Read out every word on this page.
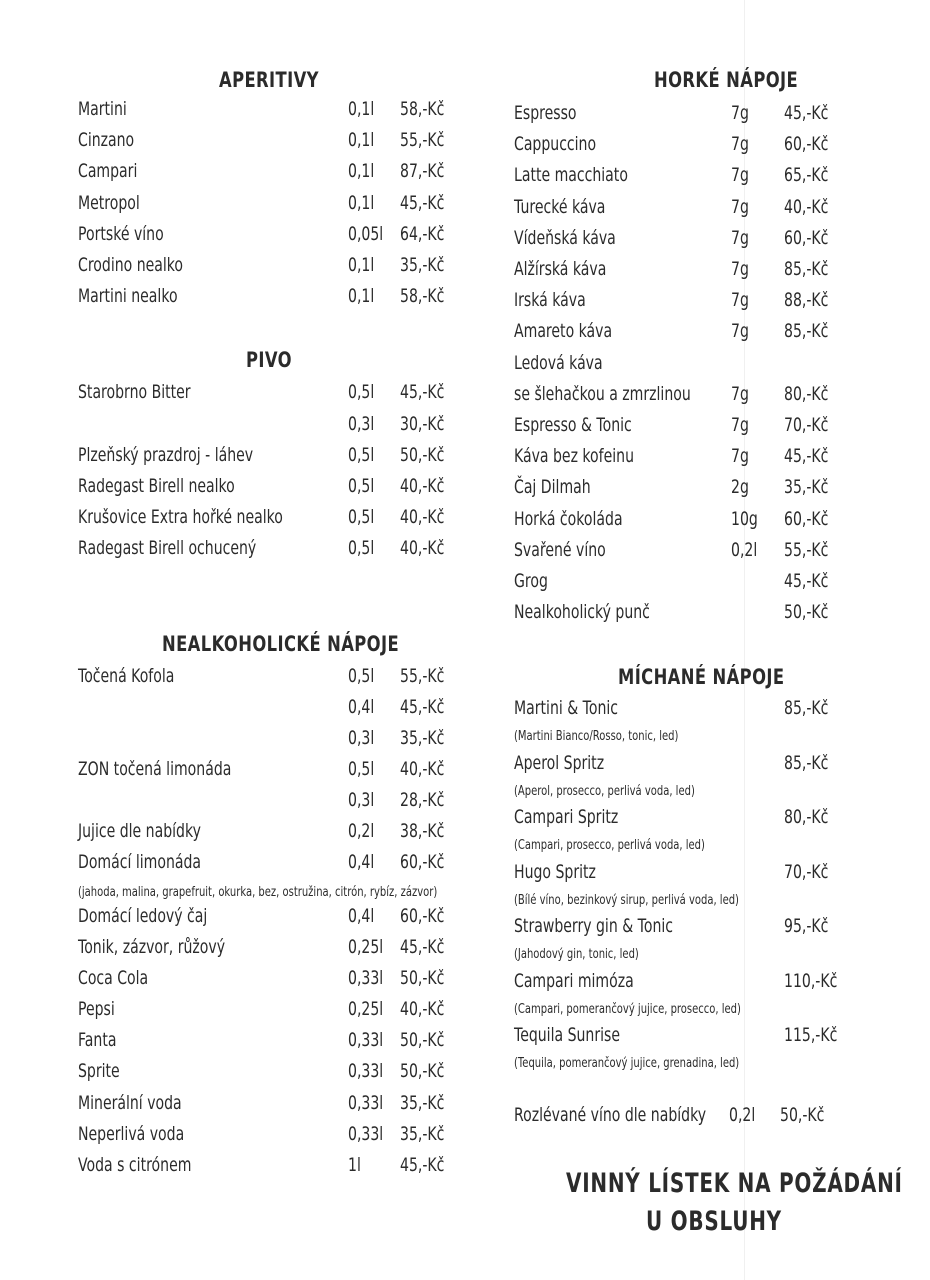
APERITIVY
Martini	0,1l 58,-Kč
Cinzano	0,1l 55,-Kč
Campari	0,1l 87,-Kč
Metropol	0,1l 45,-Kč
Portské víno	0,05l 64,-Kč
Crodino nealko	0,1l 35,-Kč
Martini nealko	0,1l 58,-Kč
PIVO
Starobrno Bitter	0,5l 45,-Kč
0,3l 30,-Kč
Plzeňský prazdroj - láhev	0,5l 50,-Kč
Radegast Birell nealko	0,5l 40,-Kč
Krušovice Extra hořké nealko	0,5l 40,-Kč
Radegast Birell ochucený	0,5l 40,-Kč
NEALKOHOLICKÉ NÁPOJE
Točená Kofola	0,5l 55,-Kč
0,4l 45,-Kč
0,3l 35,-Kč
ZON točená limonáda	0,5l 40,-Kč
0,3l 28,-Kč
Jujice dle nabídky	0,2l 38,-Kč
Domácí limonáda	0,4l 60,-Kč
Domácí ledový čaj	0,4l 60,-Kč
Tonik, zázvor, růžový	0,25l 45,-Kč
Coca Cola	0,33l 50,-Kč
Pepsi	0,25l 40,-Kč
Fanta	0,33l 50,-Kč
Sprite	0,33l 50,-Kč
Minerální voda	0,33l 35,-Kč
Neperlivá voda	0,33l 35,-Kč
Voda s citrónem	1l 45,-Kč
(jahoda, malina, grapefruit, okurka, bez, ostružina, citrón, rybíz, zázvor)
HORKÉ NÁPOJE
Espresso	7g 45,-Kč
Cappuccino	7g 60,-Kč
Latte macchiato	7g 65,-Kč
Turecké káva	7g 40,-Kč
Vídeňská káva	7g 60,-Kč
Alžírská káva	7g 85,-Kč
Irská káva	7g 88,-Kč
Amareto káva	7g 85,-Kč
Ledová káva
se šlehačkou a zmrzlinou 7g 80,-Kč
Espresso & Tonic	7g 70,-Kč
Káva bez kofeinu	7g 45,-Kč
Čaj Dilmah	2g 35,-Kč
Horká čokoláda	10g 60,-Kč
Svařené víno	0,2l 55,-Kč
Grog	45,-Kč
Nealkoholický punč	50,-Kč
MÍCHANÉ NÁPOJE
Martini & Tonic	85,-Kč
(Martini Bianco/Rosso, tonic, led)
Aperol Spritz	85,-Kč
(Aperol, prosecco, perlivá voda, led)
Campari Spritz	80,-Kč
(Campari, prosecco, perlivá voda, led)
Hugo Spritz	70,-Kč
(Bílé víno, bezinkový sirup, perlivá voda, led)
Strawberry gin & Tonic	95,-Kč
(Jahodový gin, tonic, led)
Campari mimóza	110,-Kč
(Campari, pomerančový jujice, prosecco, led)
Tequila Sunrise	115,-Kč
(Tequila, pomerančový jujice, grenadina, led)
Rozlévané víno dle nabídky 0,2l 50,-Kč
VINNÝ LÍSTEK NA POŽÁDÁNÍ
U OBSLUHY
